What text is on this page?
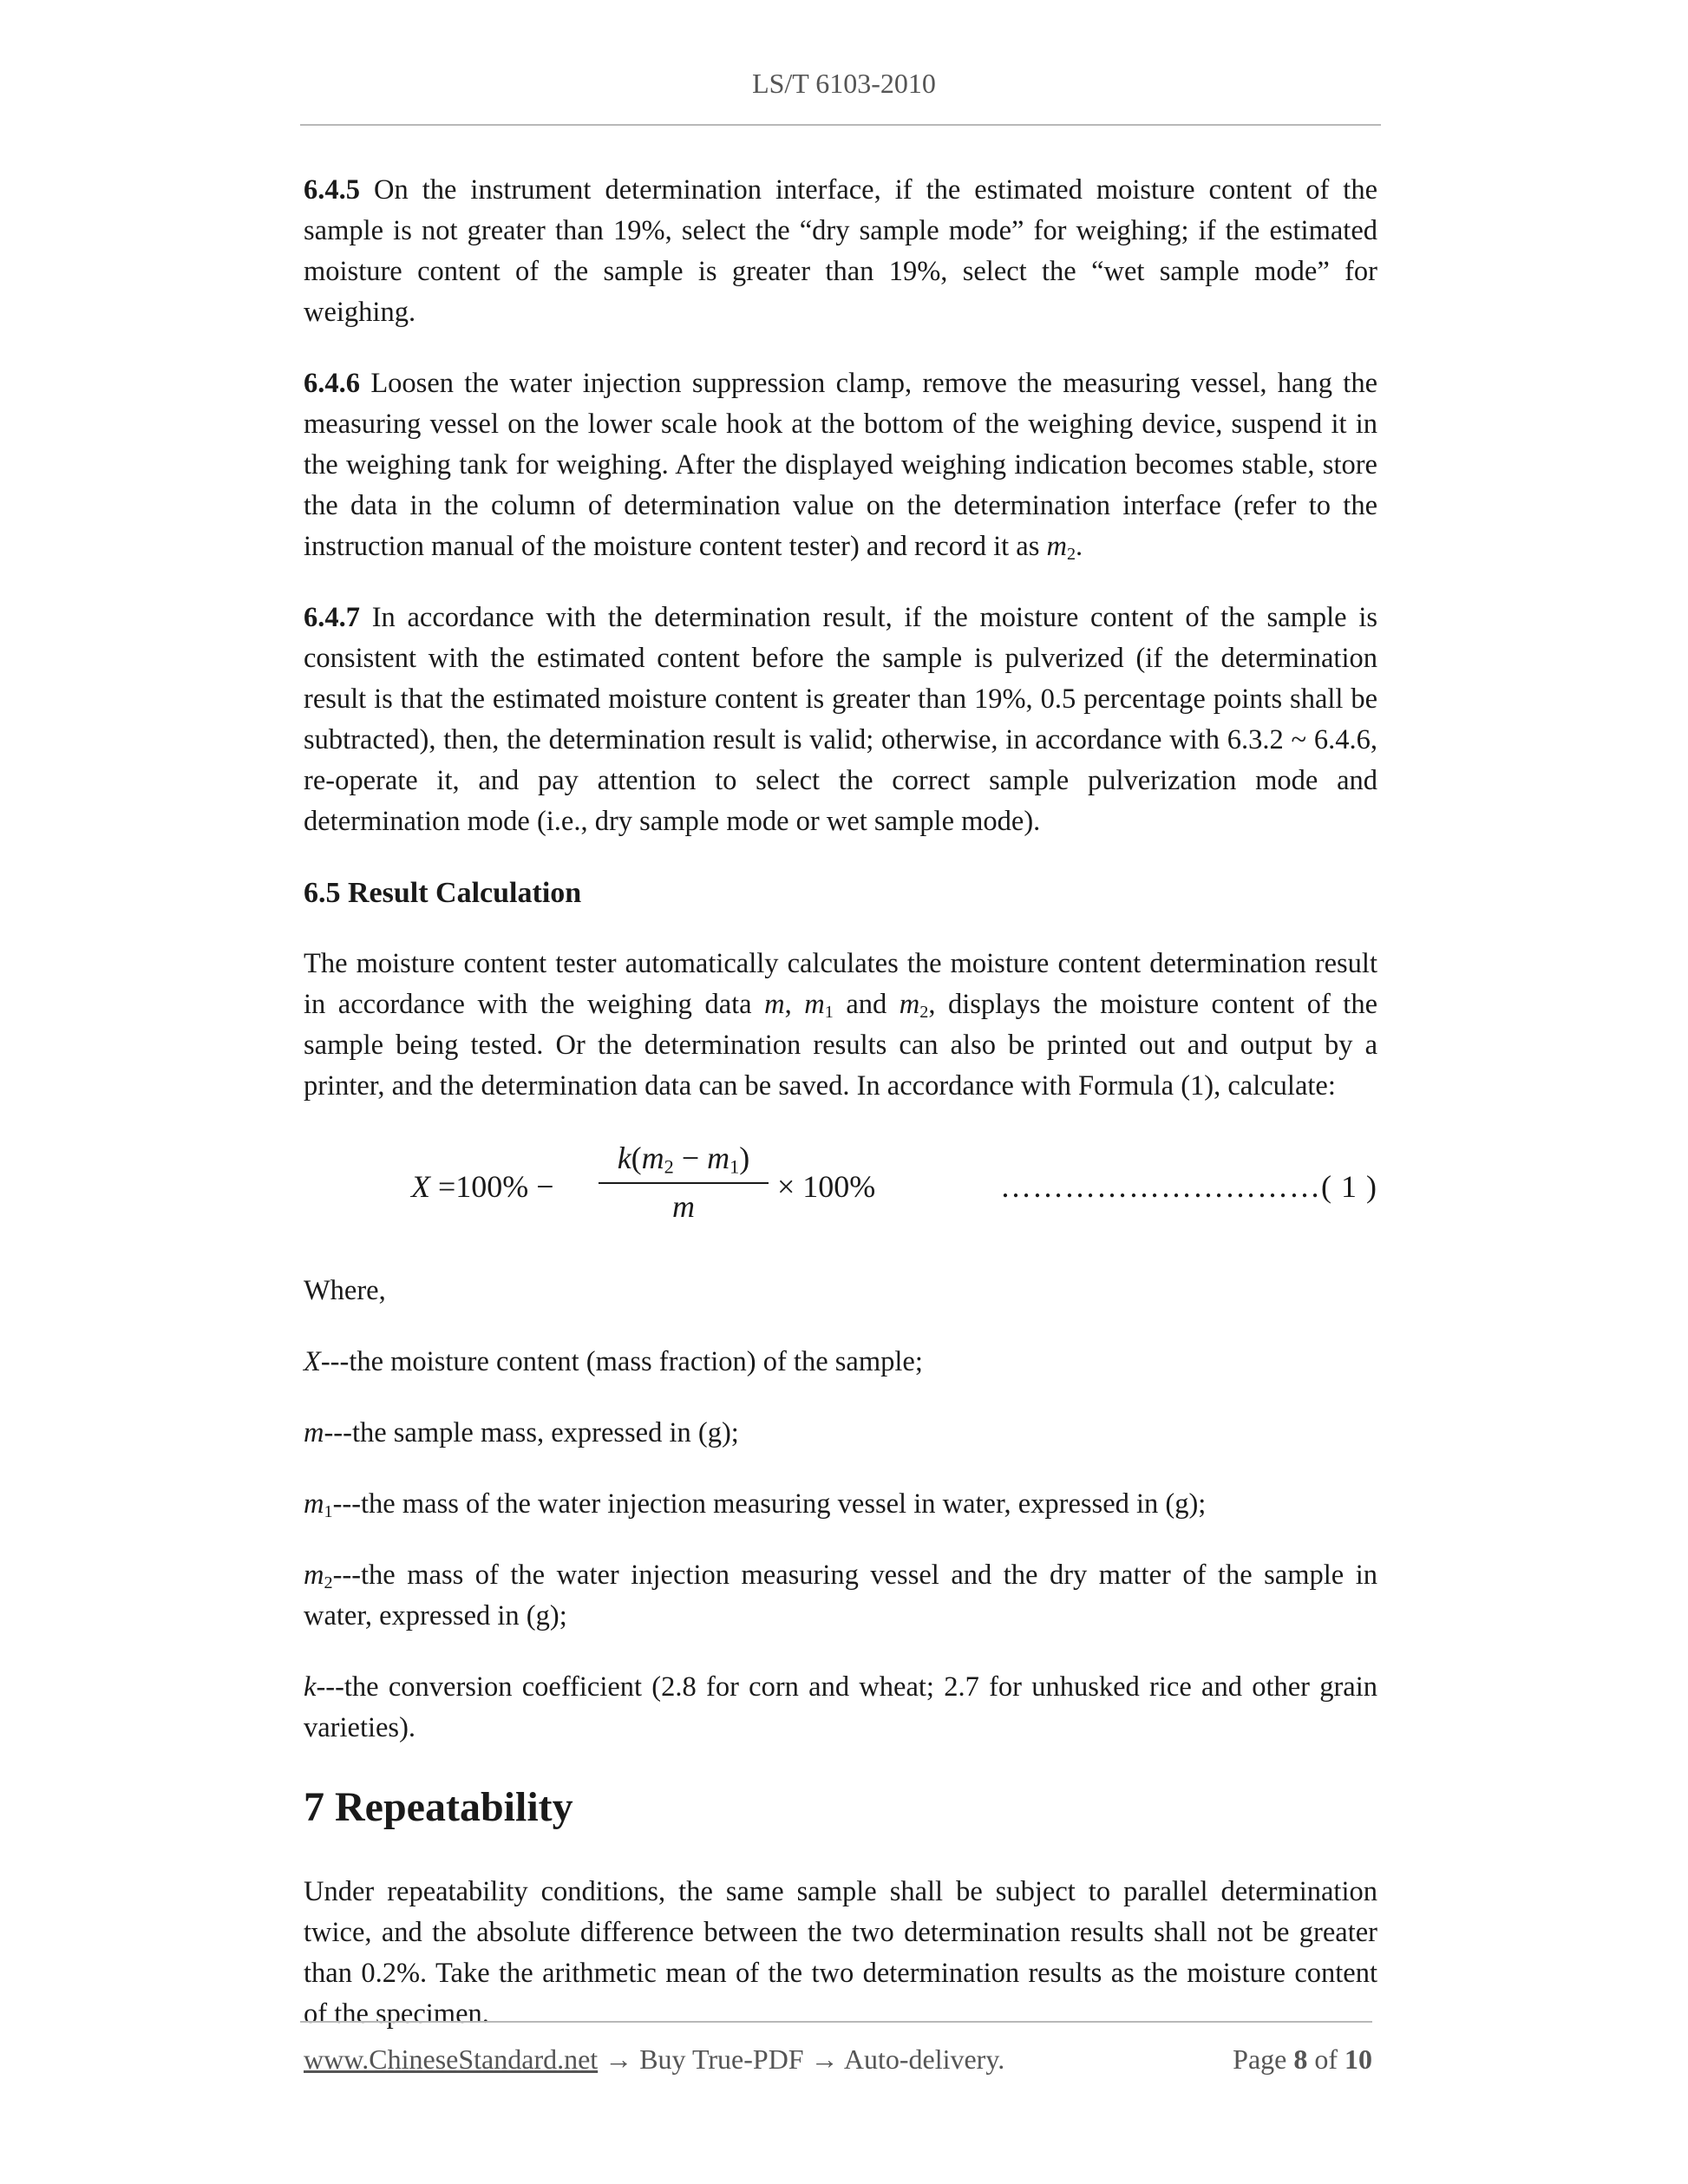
LS/T 6103-2010

6.4.5 On the instrument determination interface, if the estimated moisture content of the sample is not greater than 19%, select the “dry sample mode” for weighing; if the estimated moisture content of the sample is greater than 19%, select the “wet sample mode” for weighing.

6.4.6 Loosen the water injection suppression clamp, remove the measuring vessel, hang the measuring vessel on the lower scale hook at the bottom of the weighing device, suspend it in the weighing tank for weighing. After the displayed weighing indication becomes stable, store the data in the column of determination value on the determination interface (refer to the instruction manual of the moisture content tester) and record it as $m_2$.

6.4.7 In accordance with the determination result, if the moisture content of the sample is consistent with the estimated content before the sample is pulverized (if the determination result is that the estimated moisture content is greater than 19%, 0.5 percentage points shall be subtracted), then, the determination result is valid; otherwise, in accordance with 6.3.2 ~ 6.4.6, re-operate it, and pay attention to select the correct sample pulverization mode and determination mode (i.e., dry sample mode or wet sample mode).

6.5 Result Calculation

The moisture content tester automatically calculates the moisture content determination result in accordance with the weighing data m, $m_1$ and $m_2$, displays the moisture content of the sample being tested. Or the determination results can also be printed out and output by a printer, and the determination data can be saved. In accordance with Formula (1), calculate:

$X =100\% - \frac{k(m_2 - m_1)}{m} \times 100\%$	…………………………( 1 )

Where,

X---the moisture content (mass fraction) of the sample;

m---the sample mass, expressed in (g);

$m_1--$-the mass of the water injection measuring vessel in water, expressed in (g);

$m_2--$-the mass of the water injection measuring vessel and the dry matter of the sample in water, expressed in (g);

k---the conversion coefficient (2.8 for corn and wheat; 2.7 for unhusked rice and other grain varieties).

7 Repeatability

Under repeatability conditions, the same sample shall be subject to parallel determination twice, and the absolute difference between the two determination results shall not be greater than 0.2%. Take the arithmetic mean of the two determination results as the moisture content of the specimen.

www.ChineseStandard.net → Buy True-PDF → Auto-delivery.	Page 8 of 10
